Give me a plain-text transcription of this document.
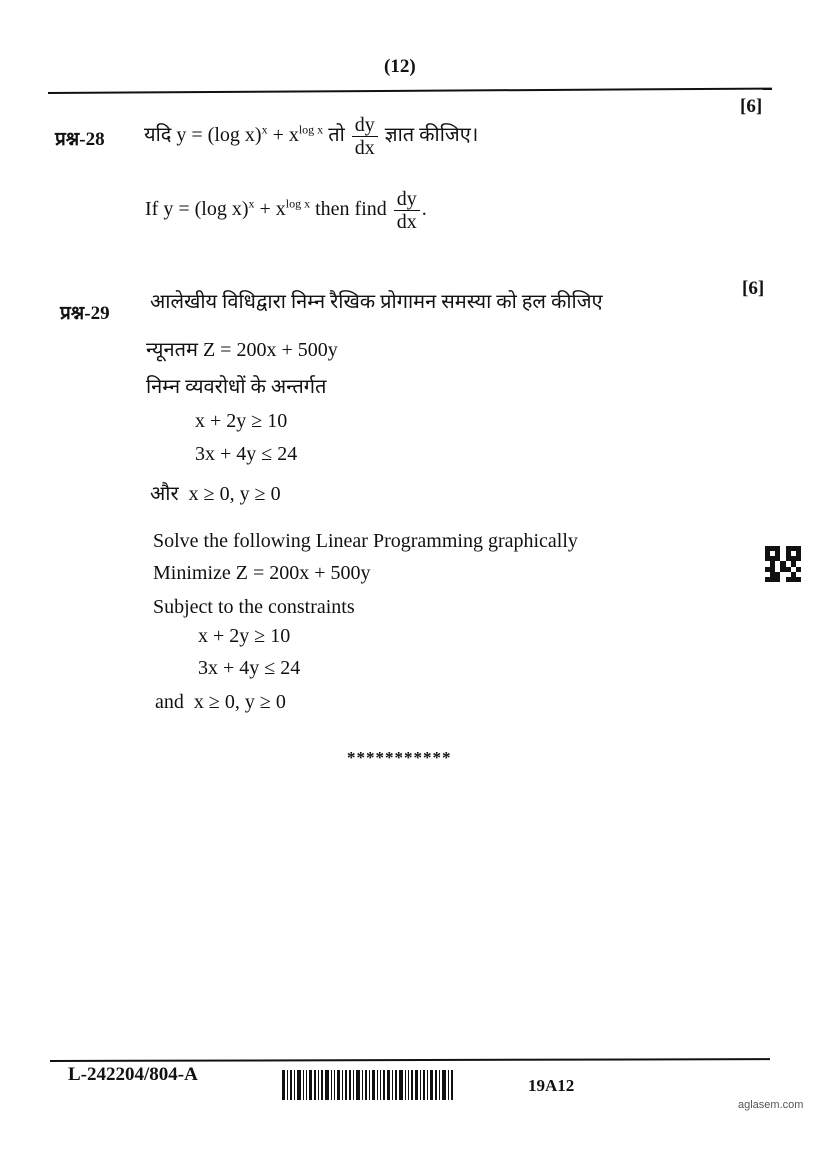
(12)
[6]
प्रश्न-28 यदि y = (log $x)^x + x^{log x}$ तो $\frac{dy}{dx}$ ज्ञात कीजिए।
If y = (log $x)^x + x^{log x}$ then find $\frac{dy}{dx}$ .
[6]
प्रश्न-29
आलेखीय विधिद्वारा निम्न रैखिक प्रोगामन समस्या को हल कीजिए
न्यूनतम Z = 200x + 500y
निम्न व्यवरोधों के अन्तर्गत
x + 2y ≥ 10
3x + 4y ≤ 24
और x ≥ 0, y ≥ 0
Solve the following Linear Programming graphically
Minimize Z = 200x + 500y
Subject to the constraints
x + 2y ≥ 10
3x + 4y ≤ 24
and x ≥ 0, y ≥ 0
***********
L-242204/804-A
19A12
aglasem.com
